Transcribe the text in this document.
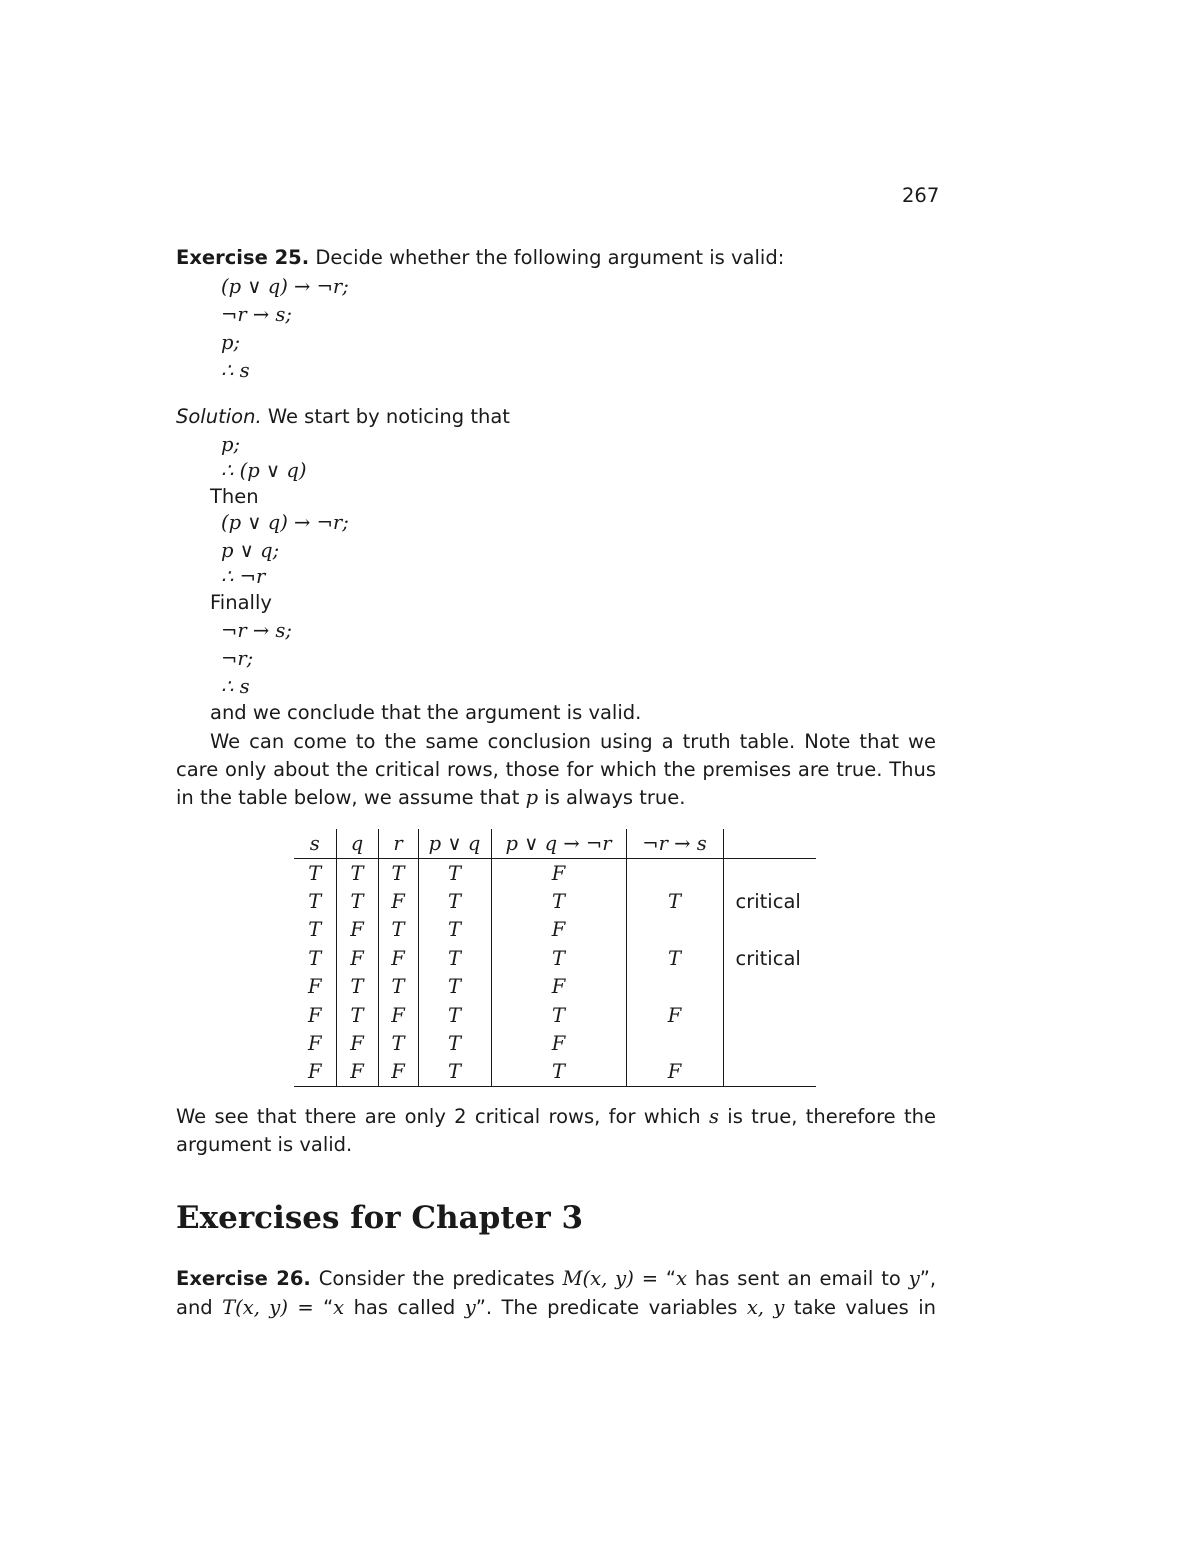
267
Exercise 25. Decide whether the following argument is valid:
(p ∨ q) → ¬r;
¬r → s;
p;
∴ s
Solution. We start by noticing that
p;
∴ (p ∨ q)
Then
(p ∨ q) → ¬r;
p ∨ q;
∴ ¬r
Finally
¬r → s;
¬r;
∴ s
and we conclude that the argument is valid.
We can come to the same conclusion using a truth table. Note that we
care only about the critical rows, those for which the premises are true. Thus
in the table below, we assume that p is always true.
s	q	r	p ∨ q	p ∨ q → ¬r	¬r → s	
T	T	T	T	F		
T	T	F	T	T	T	critical
T	F	T	T	F		
T	F	F	T	T	T	critical
F	T	T	T	F		
F	T	F	T	T	F	
F	F	T	T	F		
F	F	F	T	T	F	
We see that there are only 2 critical rows, for which s is true, therefore the
argument is valid.
Exercises for Chapter 3
Exercise 26. Consider the predicates M(x, y) = “x has sent an email to y”,
and T(x, y) = “x has called y”. The predicate variables x, y take values in
